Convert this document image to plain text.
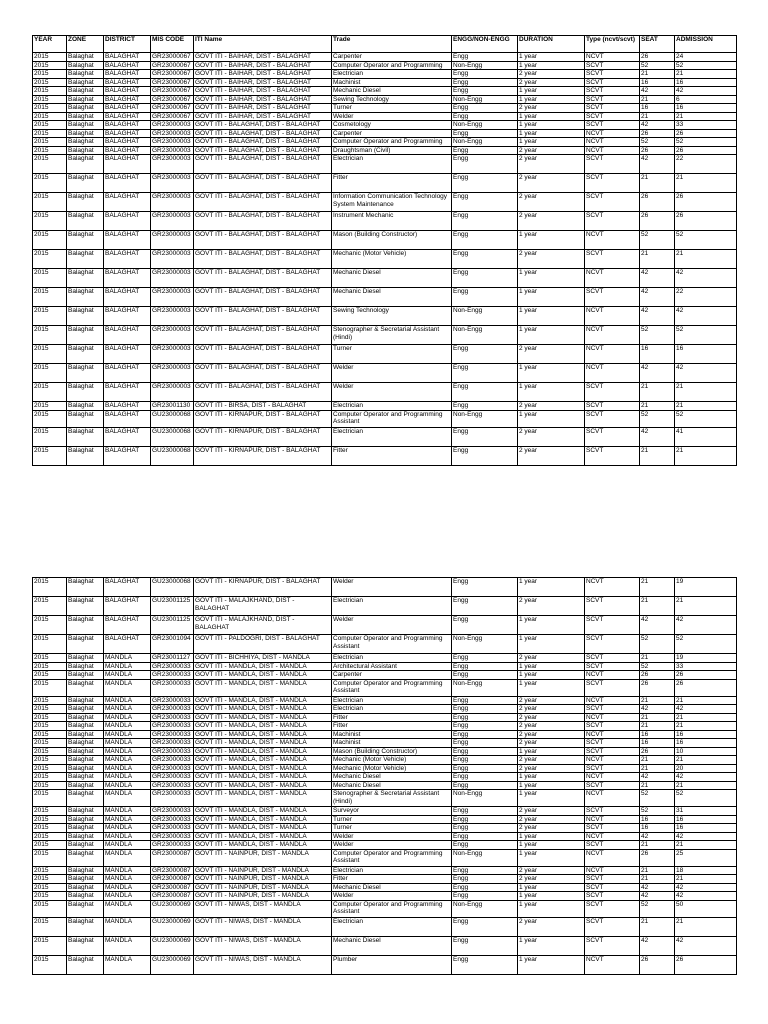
YEAR	ZONE	DISTRICT	MIS CODE	ITI Name	Trade	ENGG/NON-ENGG	DURATION	Type (ncvt/scvt)	SEAT	ADMISSION
2015	Balaghat	BALAGHAT	GR23000067	GOVT ITI - BAIHAR, DIST - BALAGHAT	Carpenter	Engg	1 year	NCVT	26	24
2015	Balaghat	BALAGHAT	GR23000067	GOVT ITI - BAIHAR, DIST - BALAGHAT	Computer Operator and Programming	Non-Engg	1 year	SCVT	52	52
2015	Balaghat	BALAGHAT	GR23000067	GOVT ITI - BAIHAR, DIST - BALAGHAT	Electrician	Engg	2 year	SCVT	21	21
2015	Balaghat	BALAGHAT	GR23000067	GOVT ITI - BAIHAR, DIST - BALAGHAT	Machinist	Engg	2 year	SCVT	16	16
2015	Balaghat	BALAGHAT	GR23000067	GOVT ITI - BAIHAR, DIST - BALAGHAT	Mechanic Diesel	Engg	1 year	SCVT	42	42
2015	Balaghat	BALAGHAT	GR23000067	GOVT ITI - BAIHAR, DIST - BALAGHAT	Sewing Technology	Non-Engg	1 year	SCVT	21	6
2015	Balaghat	BALAGHAT	GR23000067	GOVT ITI - BAIHAR, DIST - BALAGHAT	Turner	Engg	2 year	SCVT	16	16
2015	Balaghat	BALAGHAT	GR23000067	GOVT ITI - BAIHAR, DIST - BALAGHAT	Welder	Engg	1 year	SCVT	21	21
2015	Balaghat	BALAGHAT	GR23000003	GOVT ITI - BALAGHAT, DIST - BALAGHAT	Cosmetology	Non-Engg	1 year	SCVT	42	33
2015	Balaghat	BALAGHAT	GR23000003	GOVT ITI - BALAGHAT, DIST - BALAGHAT	Carpenter	Engg	1 year	NCVT	26	26
2015	Balaghat	BALAGHAT	GR23000003	GOVT ITI - BALAGHAT, DIST - BALAGHAT	Computer Operator and Programming	Non-Engg	1 year	NCVT	52	52
2015	Balaghat	BALAGHAT	GR23000003	GOVT ITI - BALAGHAT, DIST - BALAGHAT	Draughtsman (Civil)	Engg	2 year	NCVT	26	26
2015	Balaghat	BALAGHAT	GR23000003	GOVT ITI - BALAGHAT, DIST - BALAGHAT	Electrician	Engg	2 year	SCVT	42	22
2015	Balaghat	BALAGHAT	GR23000003	GOVT ITI - BALAGHAT, DIST - BALAGHAT	Fitter	Engg	2 year	SCVT	21	21
2015	Balaghat	BALAGHAT	GR23000003	GOVT ITI - BALAGHAT, DIST - BALAGHAT	Information Communication Technology System Maintenance	Engg	2 year	SCVT	26	26
2015	Balaghat	BALAGHAT	GR23000003	GOVT ITI - BALAGHAT, DIST - BALAGHAT	Instrument Mechanic	Engg	2 year	SCVT	26	26
2015	Balaghat	BALAGHAT	GR23000003	GOVT ITI - BALAGHAT, DIST - BALAGHAT	Mason (Building Constructor)	Engg	1 year	NCVT	52	52
2015	Balaghat	BALAGHAT	GR23000003	GOVT ITI - BALAGHAT, DIST - BALAGHAT	Mechanic (Motor Vehicle)	Engg	2 year	SCVT	21	21
2015	Balaghat	BALAGHAT	GR23000003	GOVT ITI - BALAGHAT, DIST - BALAGHAT	Mechanic Diesel	Engg	1 year	NCVT	42	42
2015	Balaghat	BALAGHAT	GR23000003	GOVT ITI - BALAGHAT, DIST - BALAGHAT	Mechanic Diesel	Engg	1 year	SCVT	42	22
2015	Balaghat	BALAGHAT	GR23000003	GOVT ITI - BALAGHAT, DIST - BALAGHAT	Sewing Technology	Non-Engg	1 year	NCVT	42	42
2015	Balaghat	BALAGHAT	GR23000003	GOVT ITI - BALAGHAT, DIST - BALAGHAT	Stenographer & Secretarial Assistant (Hindi)	Non-Engg	1 year	NCVT	52	52
2015	Balaghat	BALAGHAT	GR23000003	GOVT ITI - BALAGHAT, DIST - BALAGHAT	Turner	Engg	2 year	NCVT	16	16
2015	Balaghat	BALAGHAT	GR23000003	GOVT ITI - BALAGHAT, DIST - BALAGHAT	Welder	Engg	1 year	NCVT	42	42
2015	Balaghat	BALAGHAT	GR23000003	GOVT ITI - BALAGHAT, DIST - BALAGHAT	Welder	Engg	1 year	SCVT	21	21
2015	Balaghat	BALAGHAT	GR23001130	GOVT ITI - BIRSA, DIST - BALAGHAT	Electrician	Engg	2 year	SCVT	21	21
2015	Balaghat	BALAGHAT	GU23000068	GOVT ITI - KIRNAPUR, DIST - BALAGHAT	Computer Operator and Programming Assistant	Non-Engg	1 year	SCVT	52	52
2015	Balaghat	BALAGHAT	GU23000068	GOVT ITI - KIRNAPUR, DIST - BALAGHAT	Electrician	Engg	2 year	SCVT	42	41
2015	Balaghat	BALAGHAT	GU23000068	GOVT ITI - KIRNAPUR, DIST - BALAGHAT	Fitter	Engg	2 year	SCVT	21	21
2015	Balaghat	BALAGHAT	GU23000068	GOVT ITI - KIRNAPUR, DIST - BALAGHAT	Welder	Engg	1 year	NCVT	21	19
2015	Balaghat	BALAGHAT	GU23001125	GOVT ITI - MALAJKHAND, DIST - BALAGHAT	Electrician	Engg	2 year	SCVT	21	21
2015	Balaghat	BALAGHAT	GU23001125	GOVT ITI - MALAJKHAND, DIST - BALAGHAT	Welder	Engg	1 year	SCVT	42	42
2015	Balaghat	BALAGHAT	GR23001094	GOVT ITI - PALDOGRI, DIST - BALAGHAT	Computer Operator and Programming Assistant	Non-Engg	1 year	SCVT	52	52
2015	Balaghat	MANDLA	GR23001127	GOVT ITI - BICHHIYA, DIST - MANDLA	Electrician	Engg	2 year	SCVT	21	19
2015	Balaghat	MANDLA	GR23000033	GOVT ITI - MANDLA, DIST - MANDLA	Architectural Assistant	Engg	1 year	SCVT	52	33
2015	Balaghat	MANDLA	GR23000033	GOVT ITI - MANDLA, DIST - MANDLA	Carpenter	Engg	1 year	NCVT	26	26
2015	Balaghat	MANDLA	GR23000033	GOVT ITI - MANDLA, DIST - MANDLA	Computer Operator and Programming Assistant	Non-Engg	1 year	SCVT	26	26
2015	Balaghat	MANDLA	GR23000033	GOVT ITI - MANDLA, DIST - MANDLA	Electrician	Engg	2 year	NCVT	21	21
2015	Balaghat	MANDLA	GR23000033	GOVT ITI - MANDLA, DIST - MANDLA	Electrician	Engg	2 year	SCVT	42	42
2015	Balaghat	MANDLA	GR23000033	GOVT ITI - MANDLA, DIST - MANDLA	Fitter	Engg	2 year	NCVT	21	21
2015	Balaghat	MANDLA	GR23000033	GOVT ITI - MANDLA, DIST - MANDLA	Fitter	Engg	2 year	SCVT	21	21
2015	Balaghat	MANDLA	GR23000033	GOVT ITI - MANDLA, DIST - MANDLA	Machinist	Engg	2 year	NCVT	16	16
2015	Balaghat	MANDLA	GR23000033	GOVT ITI - MANDLA, DIST - MANDLA	Machinist	Engg	2 year	SCVT	16	16
2015	Balaghat	MANDLA	GR23000033	GOVT ITI - MANDLA, DIST - MANDLA	Mason (Building Constructor)	Engg	1 year	SCVT	26	10
2015	Balaghat	MANDLA	GR23000033	GOVT ITI - MANDLA, DIST - MANDLA	Mechanic (Motor Vehicle)	Engg	2 year	NCVT	21	21
2015	Balaghat	MANDLA	GR23000033	GOVT ITI - MANDLA, DIST - MANDLA	Mechanic (Motor Vehicle)	Engg	2 year	SCVT	21	20
2015	Balaghat	MANDLA	GR23000033	GOVT ITI - MANDLA, DIST - MANDLA	Mechanic Diesel	Engg	1 year	NCVT	42	42
2015	Balaghat	MANDLA	GR23000033	GOVT ITI - MANDLA, DIST - MANDLA	Mechanic Diesel	Engg	1 year	SCVT	21	21
2015	Balaghat	MANDLA	GR23000033	GOVT ITI - MANDLA, DIST - MANDLA	Stenographer & Secretarial Assistant (Hindi)	Non-Engg	1 year	NCVT	52	52
2015	Balaghat	MANDLA	GR23000033	GOVT ITI - MANDLA, DIST - MANDLA	Surveyor	Engg	2 year	SCVT	52	31
2015	Balaghat	MANDLA	GR23000033	GOVT ITI - MANDLA, DIST - MANDLA	Turner	Engg	2 year	NCVT	16	16
2015	Balaghat	MANDLA	GR23000033	GOVT ITI - MANDLA, DIST - MANDLA	Turner	Engg	2 year	SCVT	16	16
2015	Balaghat	MANDLA	GR23000033	GOVT ITI - MANDLA, DIST - MANDLA	Welder	Engg	1 year	NCVT	42	42
2015	Balaghat	MANDLA	GR23000033	GOVT ITI - MANDLA, DIST - MANDLA	Welder	Engg	1 year	SCVT	21	21
2015	Balaghat	MANDLA	GR23000087	GOVT ITI - NAINPUR, DIST - MANDLA	Computer Operator and Programming Assistant	Non-Engg	1 year	NCVT	26	25
2015	Balaghat	MANDLA	GR23000087	GOVT ITI - NAINPUR, DIST - MANDLA	Electrician	Engg	2 year	NCVT	21	18
2015	Balaghat	MANDLA	GR23000087	GOVT ITI - NAINPUR, DIST - MANDLA	Fitter	Engg	2 year	SCVT	21	21
2015	Balaghat	MANDLA	GR23000087	GOVT ITI - NAINPUR, DIST - MANDLA	Mechanic Diesel	Engg	1 year	SCVT	42	42
2015	Balaghat	MANDLA	GR23000087	GOVT ITI - NAINPUR, DIST - MANDLA	Welder	Engg	1 year	SCVT	42	42
2015	Balaghat	MANDLA	GU23000069	GOVT ITI - NIWAS, DIST - MANDLA	Computer Operator and Programming Assistant	Non-Engg	1 year	SCVT	52	50
2015	Balaghat	MANDLA	GU23000069	GOVT ITI - NIWAS, DIST - MANDLA	Electrician	Engg	2 year	SCVT	21	21
2015	Balaghat	MANDLA	GU23000069	GOVT ITI - NIWAS, DIST - MANDLA	Mechanic Diesel	Engg	1 year	SCVT	42	42
2015	Balaghat	MANDLA	GU23000069	GOVT ITI - NIWAS, DIST - MANDLA	Plumber	Engg	1 year	NCVT	26	26
